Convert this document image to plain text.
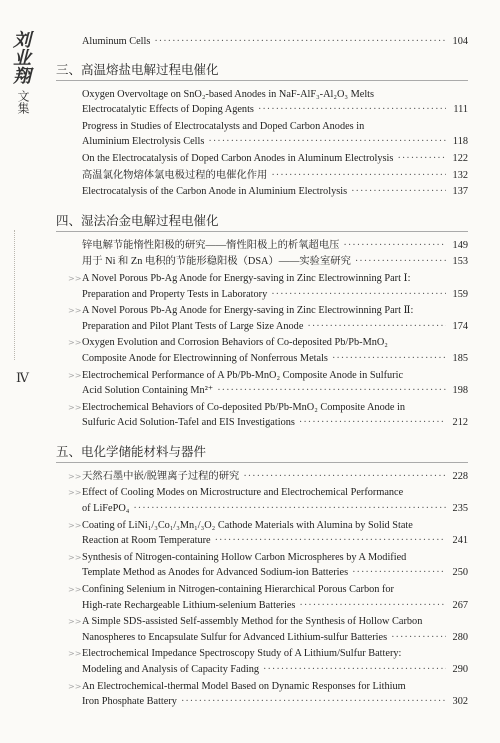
刘业翔
文集
Ⅳ
Aluminum Cells ·····	104
三、高温熔盐电解过程电催化
Oxygen Overvoltage on SnO₂-based Anodes in NaF-AlF₃-Al₂O₃ Melts
Electrocatalytic Effects of Doping Agents ·····	111
Progress in Studies of Electrocatalysts and Doped Carbon Anodes in
Aluminium Electrolysis Cells ·····	118
On the Electrocatalysis of Doped Carbon Anodes in Aluminum Electrolysis ·····	122
高温氯化物熔体氯电极过程的电催化作用 ·····	132
Electrocatalysis of the Carbon Anode in Aluminium Electrolysis ·····	137
四、湿法冶金电解过程电催化
锌电解节能惰性阳极的研究——惰性阳极上的析氧超电压 ·····	149
用于 Ni 和 Zn 电积的节能形稳阳极（DSA）——实验室研究 ·····	153
>> A Novel Porous Pb-Ag Anode for Energy-saving in Zinc Electrowinning Part Ⅰ:
Preparation and Property Tests in Laboratory ·····	159
>> A Novel Porous Pb-Ag Anode for Energy-saving in Zinc Electrowinning Part Ⅱ:
Preparation and Pilot Plant Tests of Large Size Anode ·····	174
>> Oxygen Evolution and Corrosion Behaviors of Co-deposited Pb/Pb-MnO₂
Composite Anode for Electrowinning of Nonferrous Metals ·····	185
>> Electrochemical Performance of A Pb/Pb-MnO₂ Composite Anode in Sulfuric
Acid Solution Containing Mn²⁺ ·····	198
>> Electrochemical Behaviors of Co-deposited Pb/Pb-MnO₂ Composite Anode in
Sulfuric Acid Solution-Tafel and EIS Investigations ·····	212
五、电化学储能材料与器件
>> 天然石墨中嵌/脱锂离子过程的研究 ·····	228
>> Effect of Cooling Modes on Microstructure and Electrochemical Performance
of LiFePO₄ ·····	235
>> Coating of LiNi₁/₃Co₁/₃Mn₁/₃O₂ Cathode Materials with Alumina by Solid State
Reaction at Room Temperature ·····	241
>> Synthesis of Nitrogen-containing Hollow Carbon Microspheres by A Modified
Template Method as Anodes for Advanced Sodium-ion Batteries ·····	250
>> Confining Selenium in Nitrogen-containing Hierarchical Porous Carbon for
High-rate Rechargeable Lithium-selenium Batteries ·····	267
>> A Simple SDS-assisted Self-assembly Method for the Synthesis of Hollow Carbon
Nanospheres to Encapsulate Sulfur for Advanced Lithium-sulfur Batteries ·····	280
>> Electrochemical Impedance Spectroscopy Study of A Lithium/Sulfur Battery:
Modeling and Analysis of Capacity Fading ·····	290
>> An Electrochemical-thermal Model Based on Dynamic Responses for Lithium
Iron Phosphate Battery ·····	302
